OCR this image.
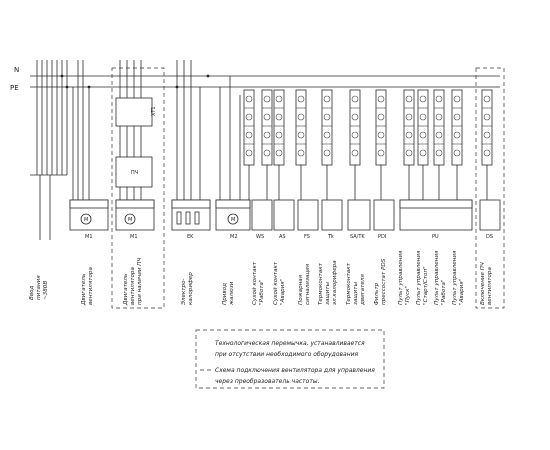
N
PE
M
XT1
ПЧ
M	M
M1	M1	EK	M2	WS	AS	FS	Tk	SA/TK	PDI	PU	DS
Ввод питания ~380В	Двигатель вентилятора	Двигатель вентилятора при наличии ПЧ	Электро- калорифер	Привод жалюзи	Сухой контакт "Работа" Сухой контакт "Авария" Пожарная сигнализация Термоконтакт защиты эл.калорифера Термоконтакт защиты двигателя Фильтр прессостат PDS Пульт управления "Пуск" Пульт управления "Старт/Стоп" Пульт управления "Работа" Пульт управления "Авария"	Включение ПЧ вентилятора
Технологическая перемычка, устанавливается
при отсутствии необходимого оборудования
Схема подключения вентилятора для управления
через преобразователь частоты.
